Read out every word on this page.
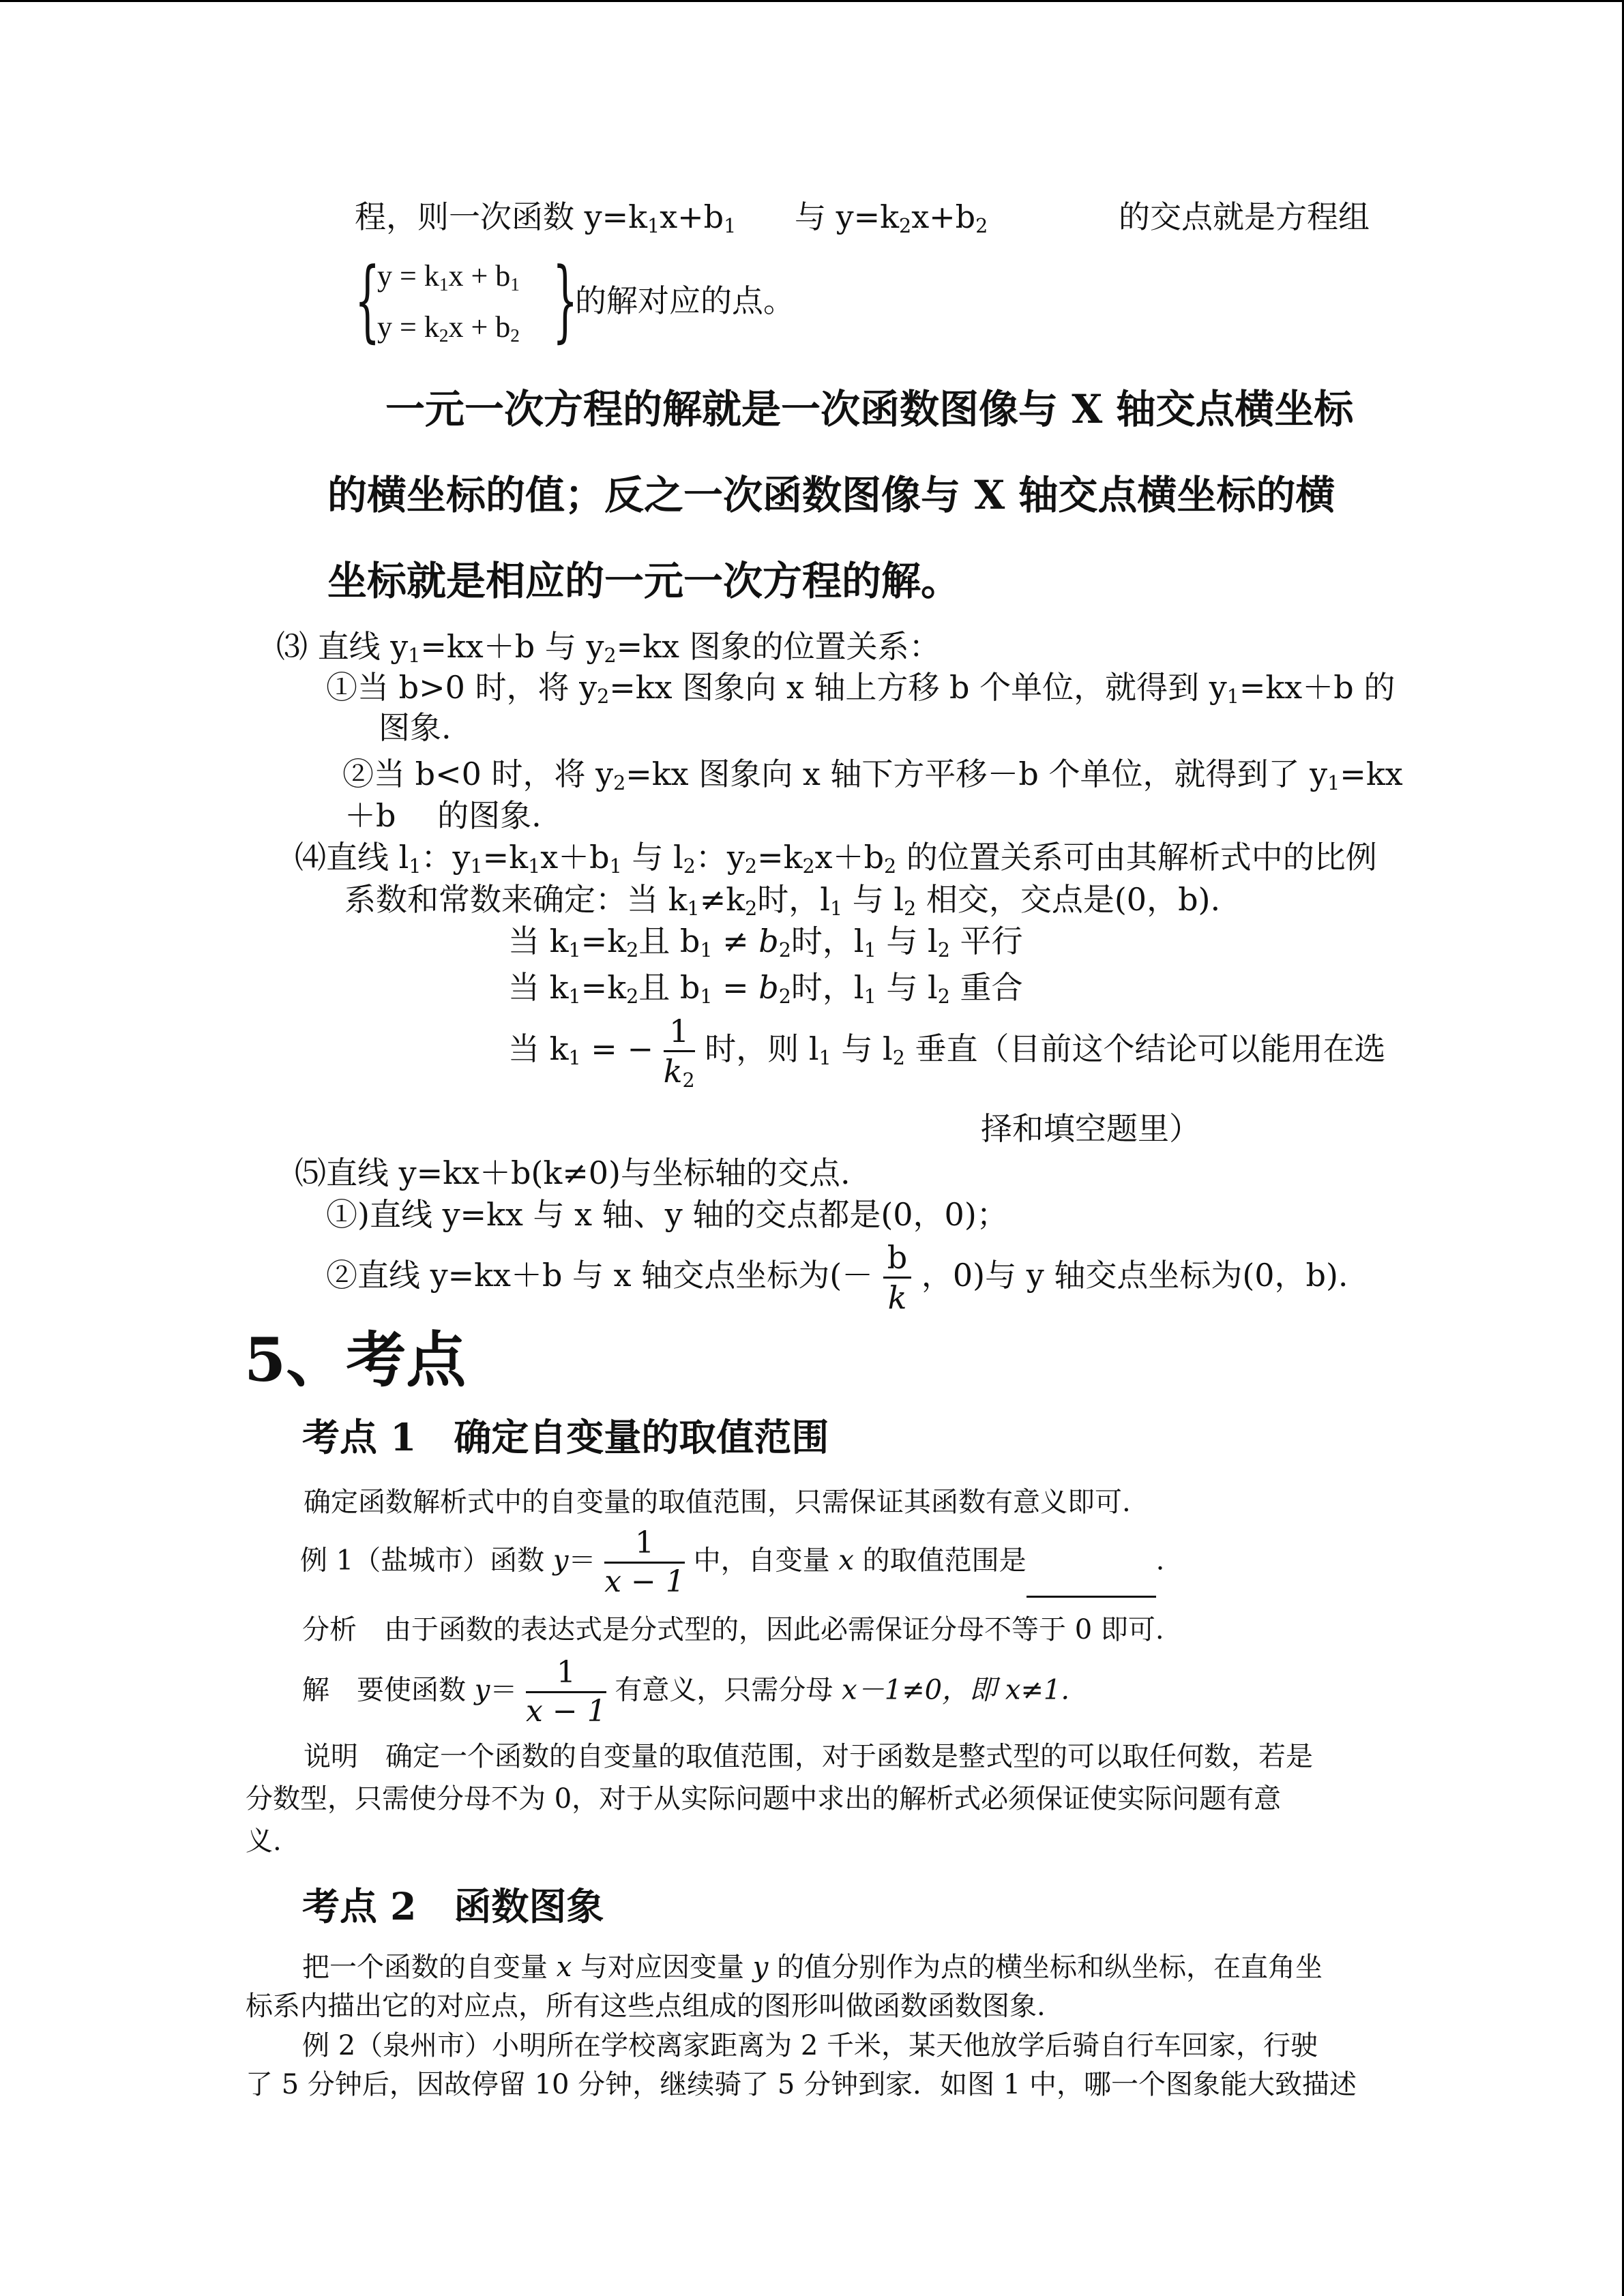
程，则一次函数 $y=k_1x+b_1$ 与 $y=k_2x+b_2$	的交点就是方程组
{
$y = k_1x + b_1$
$y = k_2x + b_2$ }
的解对应的点。
一元一次方程的解就是一次函数图像与 X 轴交点横坐标
的横坐标的值；反之一次函数图像与 X 轴交点横坐标的横
坐标就是相应的一元一次方程的解。
⑶ 直线 $y_1=kx+b$ 与 $y_2=kx$ 图象的位置关系：
①当 b>0 时，将 $y_2=kx$ 图象向 x 轴上方移 b 个单位，就得到 $y_1=kx+b$ 的
图象.
②当 b<0 时，将 $y_2=kx$ 图象向 x 轴下方平移－b 个单位，就得到了 $y_1=kx$
＋b　 的图象.
⑷直线 $l_1$：$y_1=k_1x+b_1$ 与 $l_2$：$y_2=k_2x+b_2$ 的位置关系可由其解析式中的比例
系数和常数来确定：当 $k_1\ne k_2$时，$l_1$ 与 $l_2$ 相交，交点是(0，b).
当 $k_1=k_2$且 $b_1 \ne b_2$时，$l_1$ 与 $l_2$ 平行
当 $k_1=k_2$且 $b_1 = b_2$时，$l_1$ 与 $l_2$ 重合
当 $k_1$ = − $\frac{1}{k_2}$ 时，则 $l_1$ 与 $l_2$ 垂直（目前这个结论可以能用在选
择和填空题里）
⑸直线 y=kx＋b(k≠0)与坐标轴的交点.
①)直线 y=kx 与 x 轴、y 轴的交点都是(0，0)；
②直线 y=kx＋b 与 x 轴交点坐标为(－ $\frac{b}{k}$ ，0)与 y 轴交点坐标为(0，b).
5、考点
考点 1　确定自变量的取值范围
确定函数解析式中的自变量的取值范围，只需保证其函数有意义即可.
例 1（盐城市）函数 $y= \frac{1}{x - 1}$ 中，自变量 x 的取值范围是	.
分析　由于函数的表达式是分式型的，因此必需保证分母不等于 0 即可.
解　要使函数 $y= \frac{1}{x - 1}$ 有意义，只需分母 x－1≠0，即 x≠1.
说明　确定一个函数的自变量的取值范围，对于函数是整式型的可以取任何数，若是
分数型，只需使分母不为 0，对于从实际问题中求出的解析式必须保证使实际问题有意
义.
考点 2　函数图象
把一个函数的自变量 x 与对应因变量 y 的值分别作为点的横坐标和纵坐标，在直角坐
标系内描出它的对应点，所有这些点组成的图形叫做函数函数图象.
例 2（泉州市）小明所在学校离家距离为 2 千米，某天他放学后骑自行车回家，行驶
了 5 分钟后，因故停留 10 分钟，继续骑了 5 分钟到家．如图 1 中，哪一个图象能大致描述
